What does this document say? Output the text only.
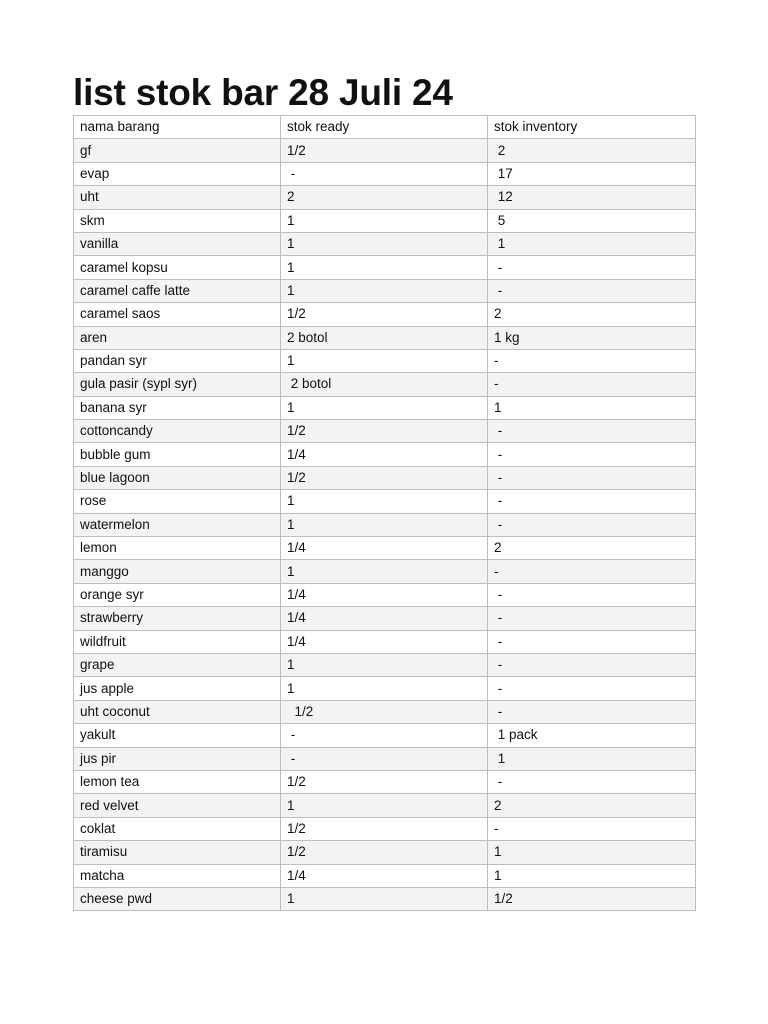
list stok bar 28 Juli 24
nama barang	stok ready	stok inventory
gf	1/2	2
evap	-	17
uht	2	12
skm	1	5
vanilla	1	1
caramel kopsu	1	-
caramel caffe latte	1	-
caramel saos	1/2	2
aren	2 botol	1 kg
pandan syr	1	-
gula pasir (sypl syr)	2 botol	-
banana syr	1	1
cottoncandy	1/2	-
bubble gum	1/4	-
blue lagoon	1/2	-
rose	1	-
watermelon	1	-
lemon	1/4	2
manggo	1	-
orange syr	1/4	-
strawberry	1/4	-
wildfruit	1/4	-
grape	1	-
jus apple	1	-
uht coconut	1/2	-
yakult	-	1 pack
jus pir	-	1
lemon tea	1/2	-
red velvet	1	2
coklat	1/2	-
tiramisu	1/2	1
matcha	1/4	1
cheese pwd	1	1/2
